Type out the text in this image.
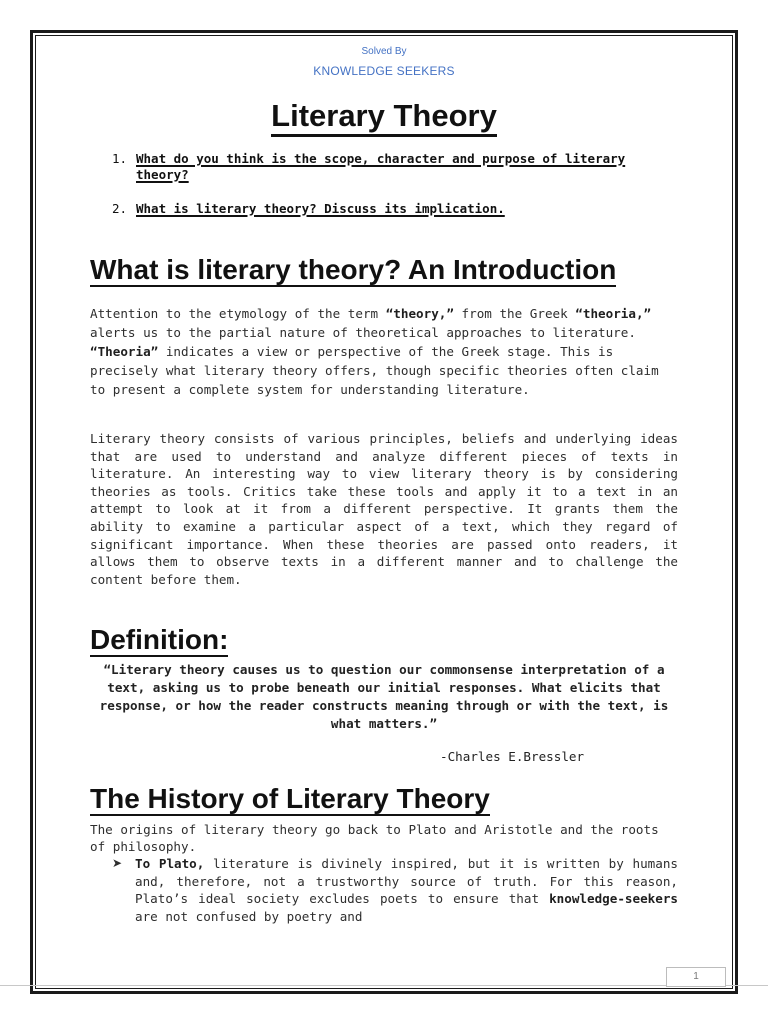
Solved By
KNOWLEDGE SEEKERS
Literary Theory
1. What do you think is the scope, character and purpose of literary theory?
2. What is literary theory? Discuss its implication.
What is literary theory? An Introduction
Attention to the etymology of the term “theory,” from the Greek “theoria,” alerts us to the partial nature of theoretical approaches to literature. “Theoria” indicates a view or perspective of the Greek stage. This is precisely what literary theory offers, though specific theories often claim to present a complete system for understanding literature.
Literary theory consists of various principles, beliefs and underlying ideas that are used to understand and analyze different pieces of texts in literature. An interesting way to view literary theory is by considering theories as tools. Critics take these tools and apply it to a text in an attempt to look at it from a different perspective. It grants them the ability to examine a particular aspect of a text, which they regard of significant importance. When these theories are passed onto readers, it allows them to observe texts in a different manner and to challenge the content before them.
Definition:
“Literary theory causes us to question our commonsense interpretation of a text, asking us to probe beneath our initial responses. What elicits that response, or how the reader constructs meaning through or with the text, is what matters.”
-Charles E.Bressler
The History of Literary Theory
The origins of literary theory go back to Plato and Aristotle and the roots of philosophy.
➤ To Plato, literature is divinely inspired, but it is written by humans and, therefore, not a trustworthy source of truth. For this reason, Plato’s ideal society excludes poets to ensure that knowledge-seekers are not confused by poetry and
1
